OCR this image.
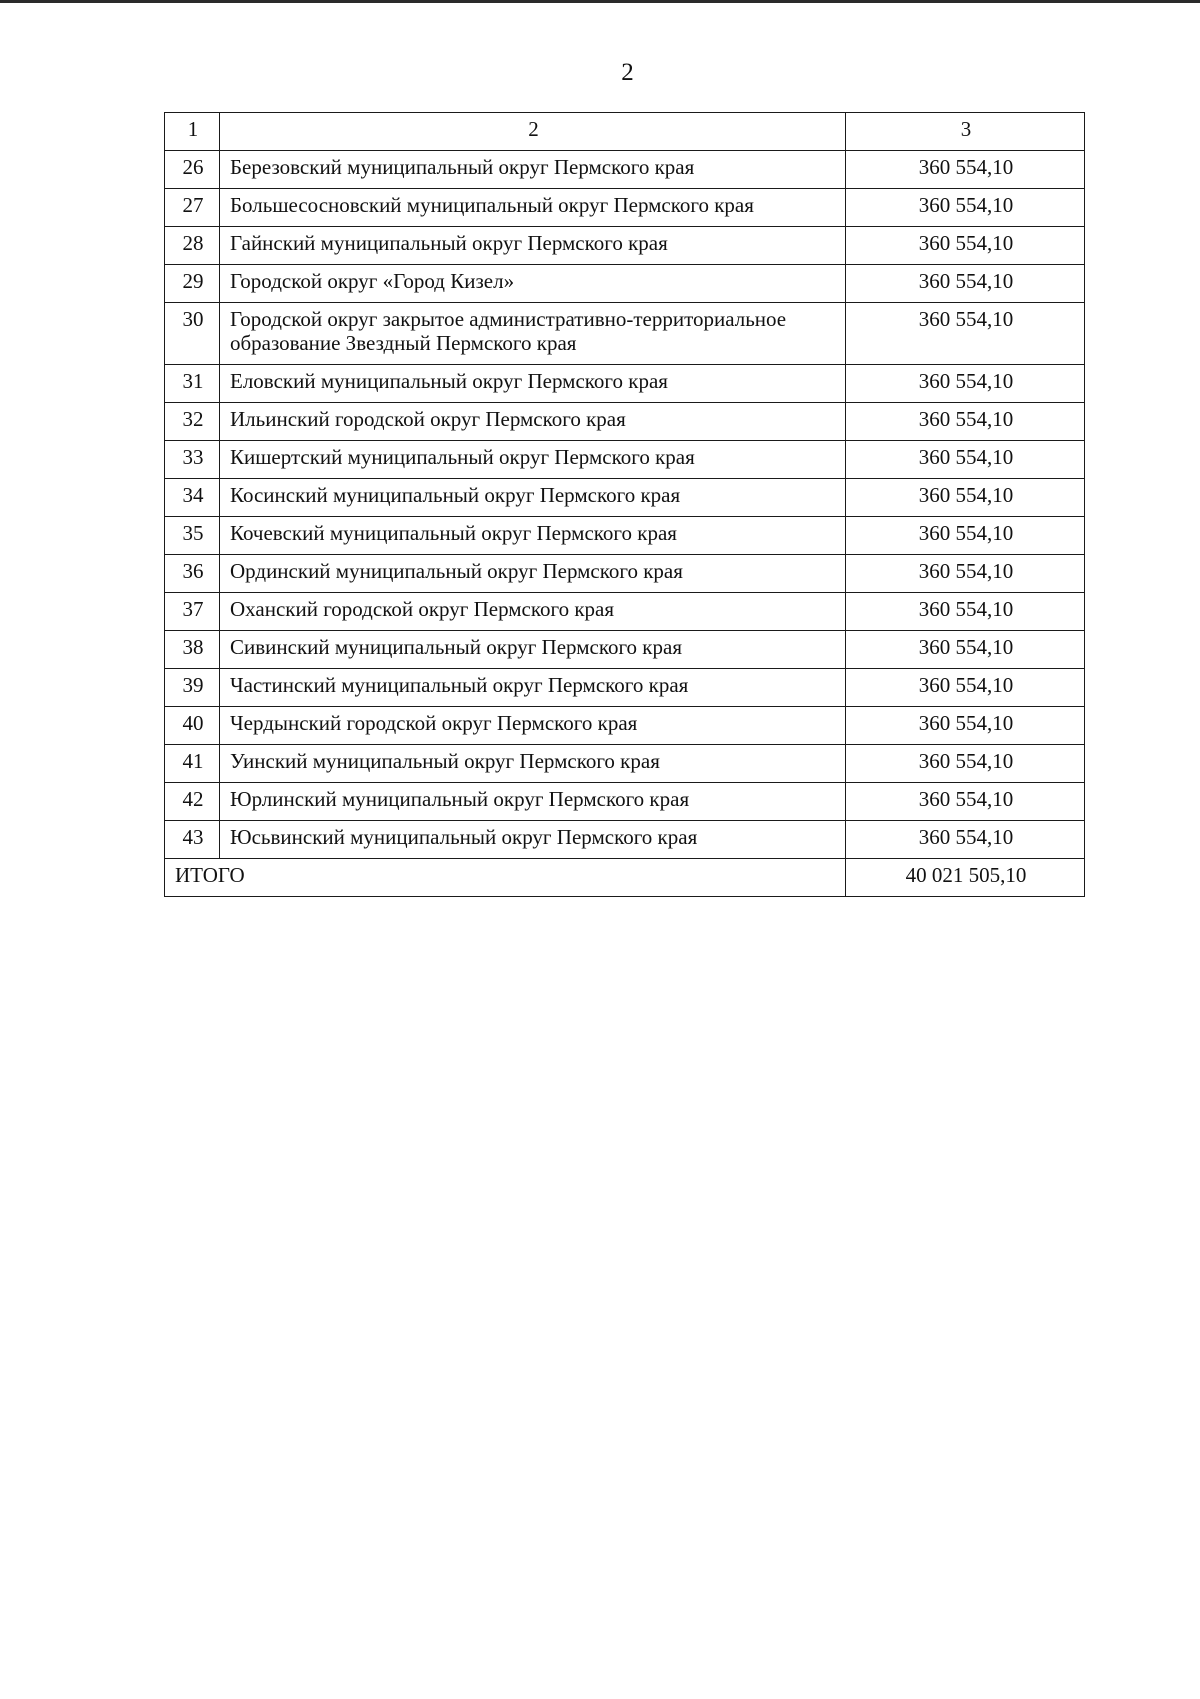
2
1	2	3
26	Березовский муниципальный округ Пермского края	360 554,10
27	Большесосновский муниципальный округ Пермского края	360 554,10
28	Гайнский муниципальный округ Пермского края	360 554,10
29	Городской округ «Город Кизел»	360 554,10
30	Городской округ закрытое административно-территориальное образование Звездный Пермского края	360 554,10
31	Еловский муниципальный округ Пермского края	360 554,10
32	Ильинский городской округ Пермского края	360 554,10
33	Кишертский муниципальный округ Пермского края	360 554,10
34	Косинский муниципальный округ Пермского края	360 554,10
35	Кочевский муниципальный округ Пермского края	360 554,10
36	Ординский муниципальный округ Пермского края	360 554,10
37	Оханский городской округ Пермского края	360 554,10
38	Сивинский муниципальный округ Пермского края	360 554,10
39	Частинский муниципальный округ Пермского края	360 554,10
40	Чердынский городской округ Пермского края	360 554,10
41	Уинский муниципальный округ Пермского края	360 554,10
42	Юрлинский муниципальный округ Пермского края	360 554,10
43	Юсьвинский муниципальный округ Пермского края	360 554,10
ИТОГО		40 021 505,10
